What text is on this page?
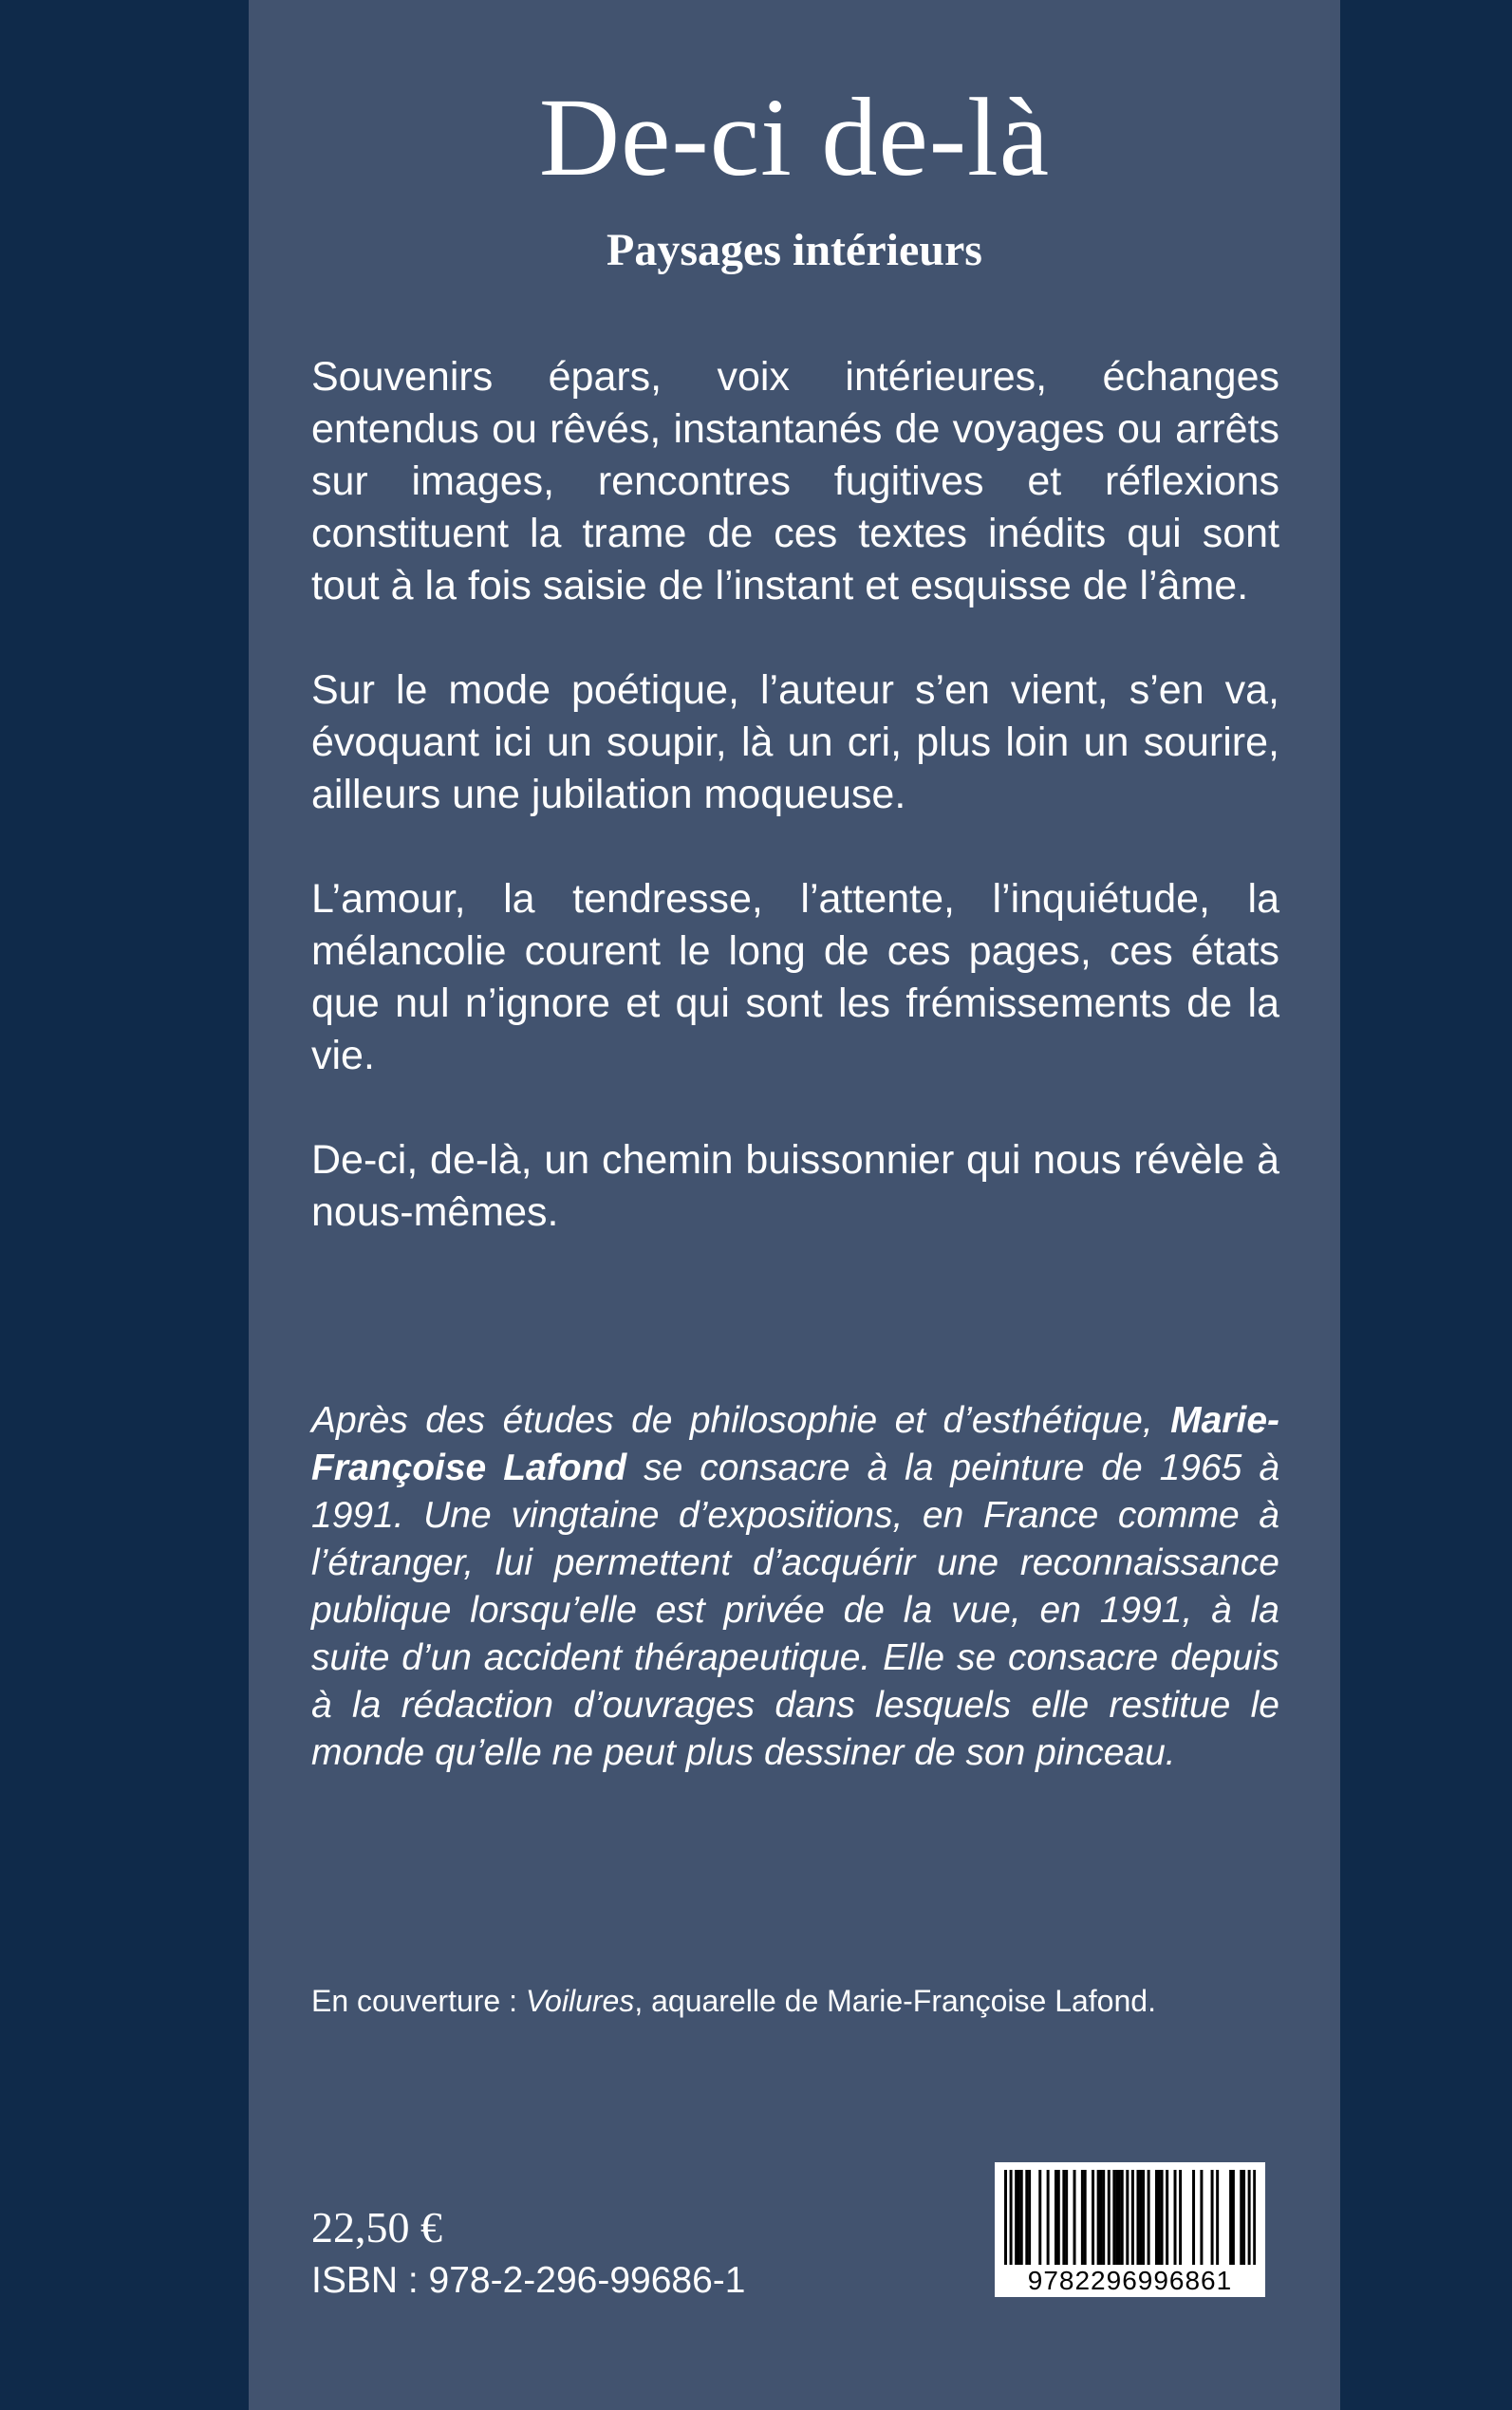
De-ci de-là
Paysages intérieurs

Souvenirs épars, voix intérieures, échanges entendus ou rêvés, instantanés de voyages ou arrêts sur images, rencontres fugitives et réflexions constituent la trame de ces textes inédits qui sont tout à la fois saisie de l’instant et esquisse de l’âme.

Sur le mode poétique, l’auteur s’en vient, s’en va, évoquant ici un soupir, là un cri, plus loin un sourire, ailleurs une jubilation moqueuse.

L’amour, la tendresse, l’attente, l’inquiétude, la mélancolie courent le long de ces pages, ces états que nul n’ignore et qui sont les frémissements de la vie.

De-ci, de-là, un chemin buissonnier qui nous révèle à nous-mêmes.

Après des études de philosophie et d’esthétique, Marie-Françoise Lafond se consacre à la peinture de 1965 à 1991. Une vingtaine d’expositions, en France comme à l’étranger, lui permettent d’acquérir une reconnaissance publique lorsqu’elle est privée de la vue, en 1991, à la suite d’un accident thérapeutique. Elle se consacre depuis à la rédaction d’ouvrages dans lesquels elle restitue le monde qu’elle ne peut plus dessiner de son pinceau.

En couverture : Voilures, aquarelle de Marie-Françoise Lafond.

22,50 €
ISBN : 978-2-296-99686-1	9782296996861
